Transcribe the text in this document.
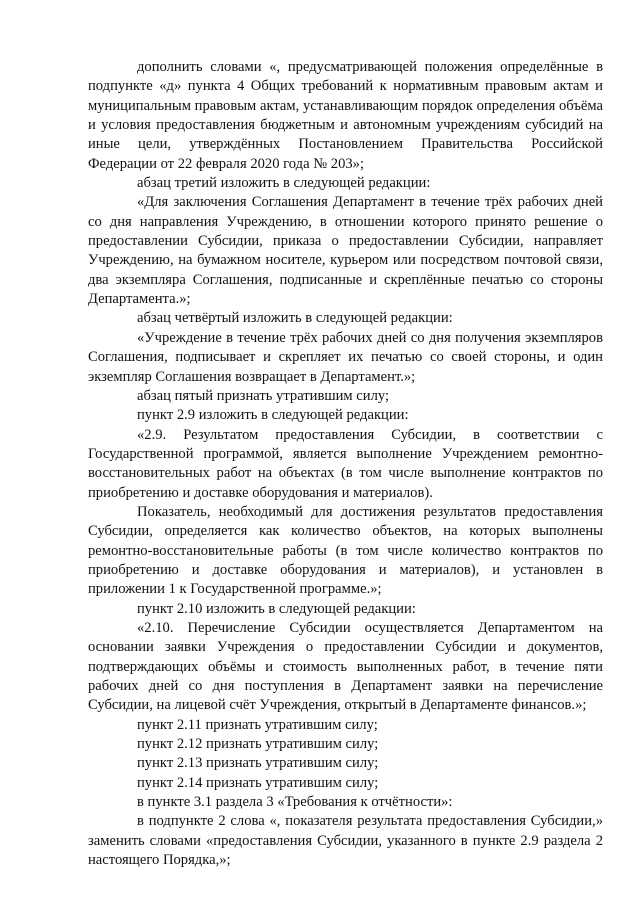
дополнить словами «, предусматривающей положения определённые в подпункте «д» пункта 4 Общих требований к нормативным правовым актам и муниципальным правовым актам, устанавливающим порядок определения объёма и условия предоставления бюджетным и автономным учреждениям субсидий на иные цели, утверждённых Постановлением Правительства Российской Федерации от 22 февраля 2020 года № 203»;

абзац третий изложить в следующей редакции:

«Для заключения Соглашения Департамент в течение трёх рабочих дней со дня направления Учреждению, в отношении которого принято решение о предоставлении Субсидии, приказа о предоставлении Субсидии, направляет Учреждению, на бумажном носителе, курьером или посредством почтовой связи, два экземпляра Соглашения, подписанные и скреплённые печатью со стороны Департамента.»;

абзац четвёртый изложить в следующей редакции:

«Учреждение в течение трёх рабочих дней со дня получения экземпляров Соглашения, подписывает и скрепляет их печатью со своей стороны, и один экземпляр Соглашения возвращает в Департамент.»;

абзац пятый признать утратившим силу;

пункт 2.9 изложить в следующей редакции:

«2.9. Результатом предоставления Субсидии, в соответствии с Государственной программой, является выполнение Учреждением ремонтно-восстановительных работ на объектах (в том числе выполнение контрактов по приобретению и доставке оборудования и материалов).

Показатель, необходимый для достижения результатов предоставления Субсидии, определяется как количество объектов, на которых выполнены ремонтно-восстановительные работы (в том числе количество контрактов по приобретению и доставке оборудования и материалов), и установлен в приложении 1 к Государственной программе.»;

пункт 2.10 изложить в следующей редакции:

«2.10. Перечисление Субсидии осуществляется Департаментом на основании заявки Учреждения о предоставлении Субсидии и документов, подтверждающих объёмы и стоимость выполненных работ, в течение пяти рабочих дней со дня поступления в Департамент заявки на перечисление Субсидии, на лицевой счёт Учреждения, открытый в Департаменте финансов.»;

пункт 2.11 признать утратившим силу;

пункт 2.12 признать утратившим силу;

пункт 2.13 признать утратившим силу;

пункт 2.14 признать утратившим силу;

в пункте 3.1 раздела 3 «Требования к отчётности»:

в подпункте 2 слова «, показателя результата предоставления Субсидии,» заменить словами «предоставления Субсидии, указанного в пункте 2.9 раздела 2 настоящего Порядка,»;
